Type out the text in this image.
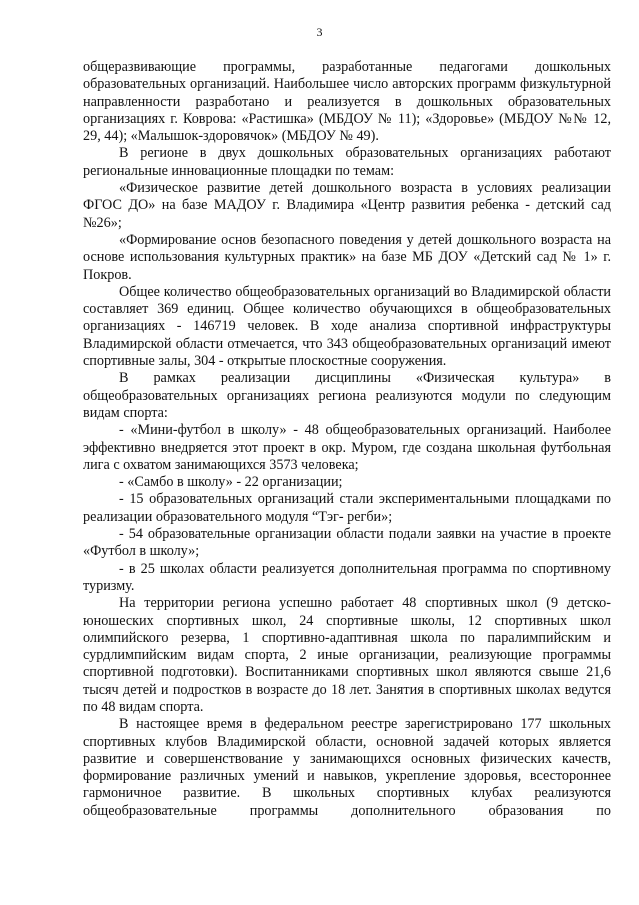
3

общеразвивающие программы, разработанные педагогами дошкольных образовательных организаций. Наибольшее число авторских программ физкультурной направленности разработано и реализуется в дошкольных образовательных организациях г. Коврова: «Растишка» (МБДОУ № 11); «Здоровье» (МБДОУ №№ 12, 29, 44); «Малышок-здоровячок» (МБДОУ № 49).

В регионе в двух дошкольных образовательных организациях работают региональные инновационные площадки по темам:

«Физическое развитие детей дошкольного возраста в условиях реализации ФГОС ДО» на базе МАДОУ г. Владимира «Центр развития ребенка - детский сад №26»;

«Формирование основ безопасного поведения у детей дошкольного возраста на основе использования культурных практик» на базе МБ ДОУ «Детский сад № 1» г. Покров.

Общее количество общеобразовательных организаций во Владимирской области составляет 369 единиц. Общее количество обучающихся в общеобразовательных организациях - 146719 человек. В ходе анализа спортивной инфраструктуры Владимирской области отмечается, что 343 общеобразовательных организаций имеют спортивные залы, 304 - открытые плоскостные сооружения.

В рамках реализации дисциплины «Физическая культура» в общеобразовательных организациях региона реализуются модули по следующим видам спорта:

- «Мини-футбол в школу» - 48 общеобразовательных организаций. Наиболее эффективно внедряется этот проект в окр. Муром, где создана школьная футбольная лига с охватом занимающихся 3573 человека;

- «Самбо в школу» - 22 организации;

- 15 образовательных организаций стали экспериментальными площадками по реализации образовательного модуля “Тэг- регби»;

- 54 образовательные организации области подали заявки на участие в проекте «Футбол в школу»;

- в 25 школах области реализуется дополнительная программа по спортивному туризму.

На территории региона успешно работает 48 спортивных школ (9 детско-юношеских спортивных школ, 24 спортивные школы, 12 спортивных школ олимпийского резерва, 1 спортивно-адаптивная школа по паралимпийским и сурдлимпийским видам спорта, 2 иные организации, реализующие программы спортивной подготовки). Воспитанниками спортивных школ являются свыше 21,6 тысяч детей и подростков в возрасте до 18 лет. Занятия в спортивных школах ведутся по 48 видам спорта.

В настоящее время в федеральном реестре зарегистрировано 177 школьных спортивных клубов Владимирской области, основной задачей которых является развитие и совершенствование у занимающихся основных физических качеств, формирование различных умений и навыков, укрепление здоровья, всестороннее гармоничное развитие. В школьных спортивных клубах реализуются общеобразовательные программы дополнительного образования по
